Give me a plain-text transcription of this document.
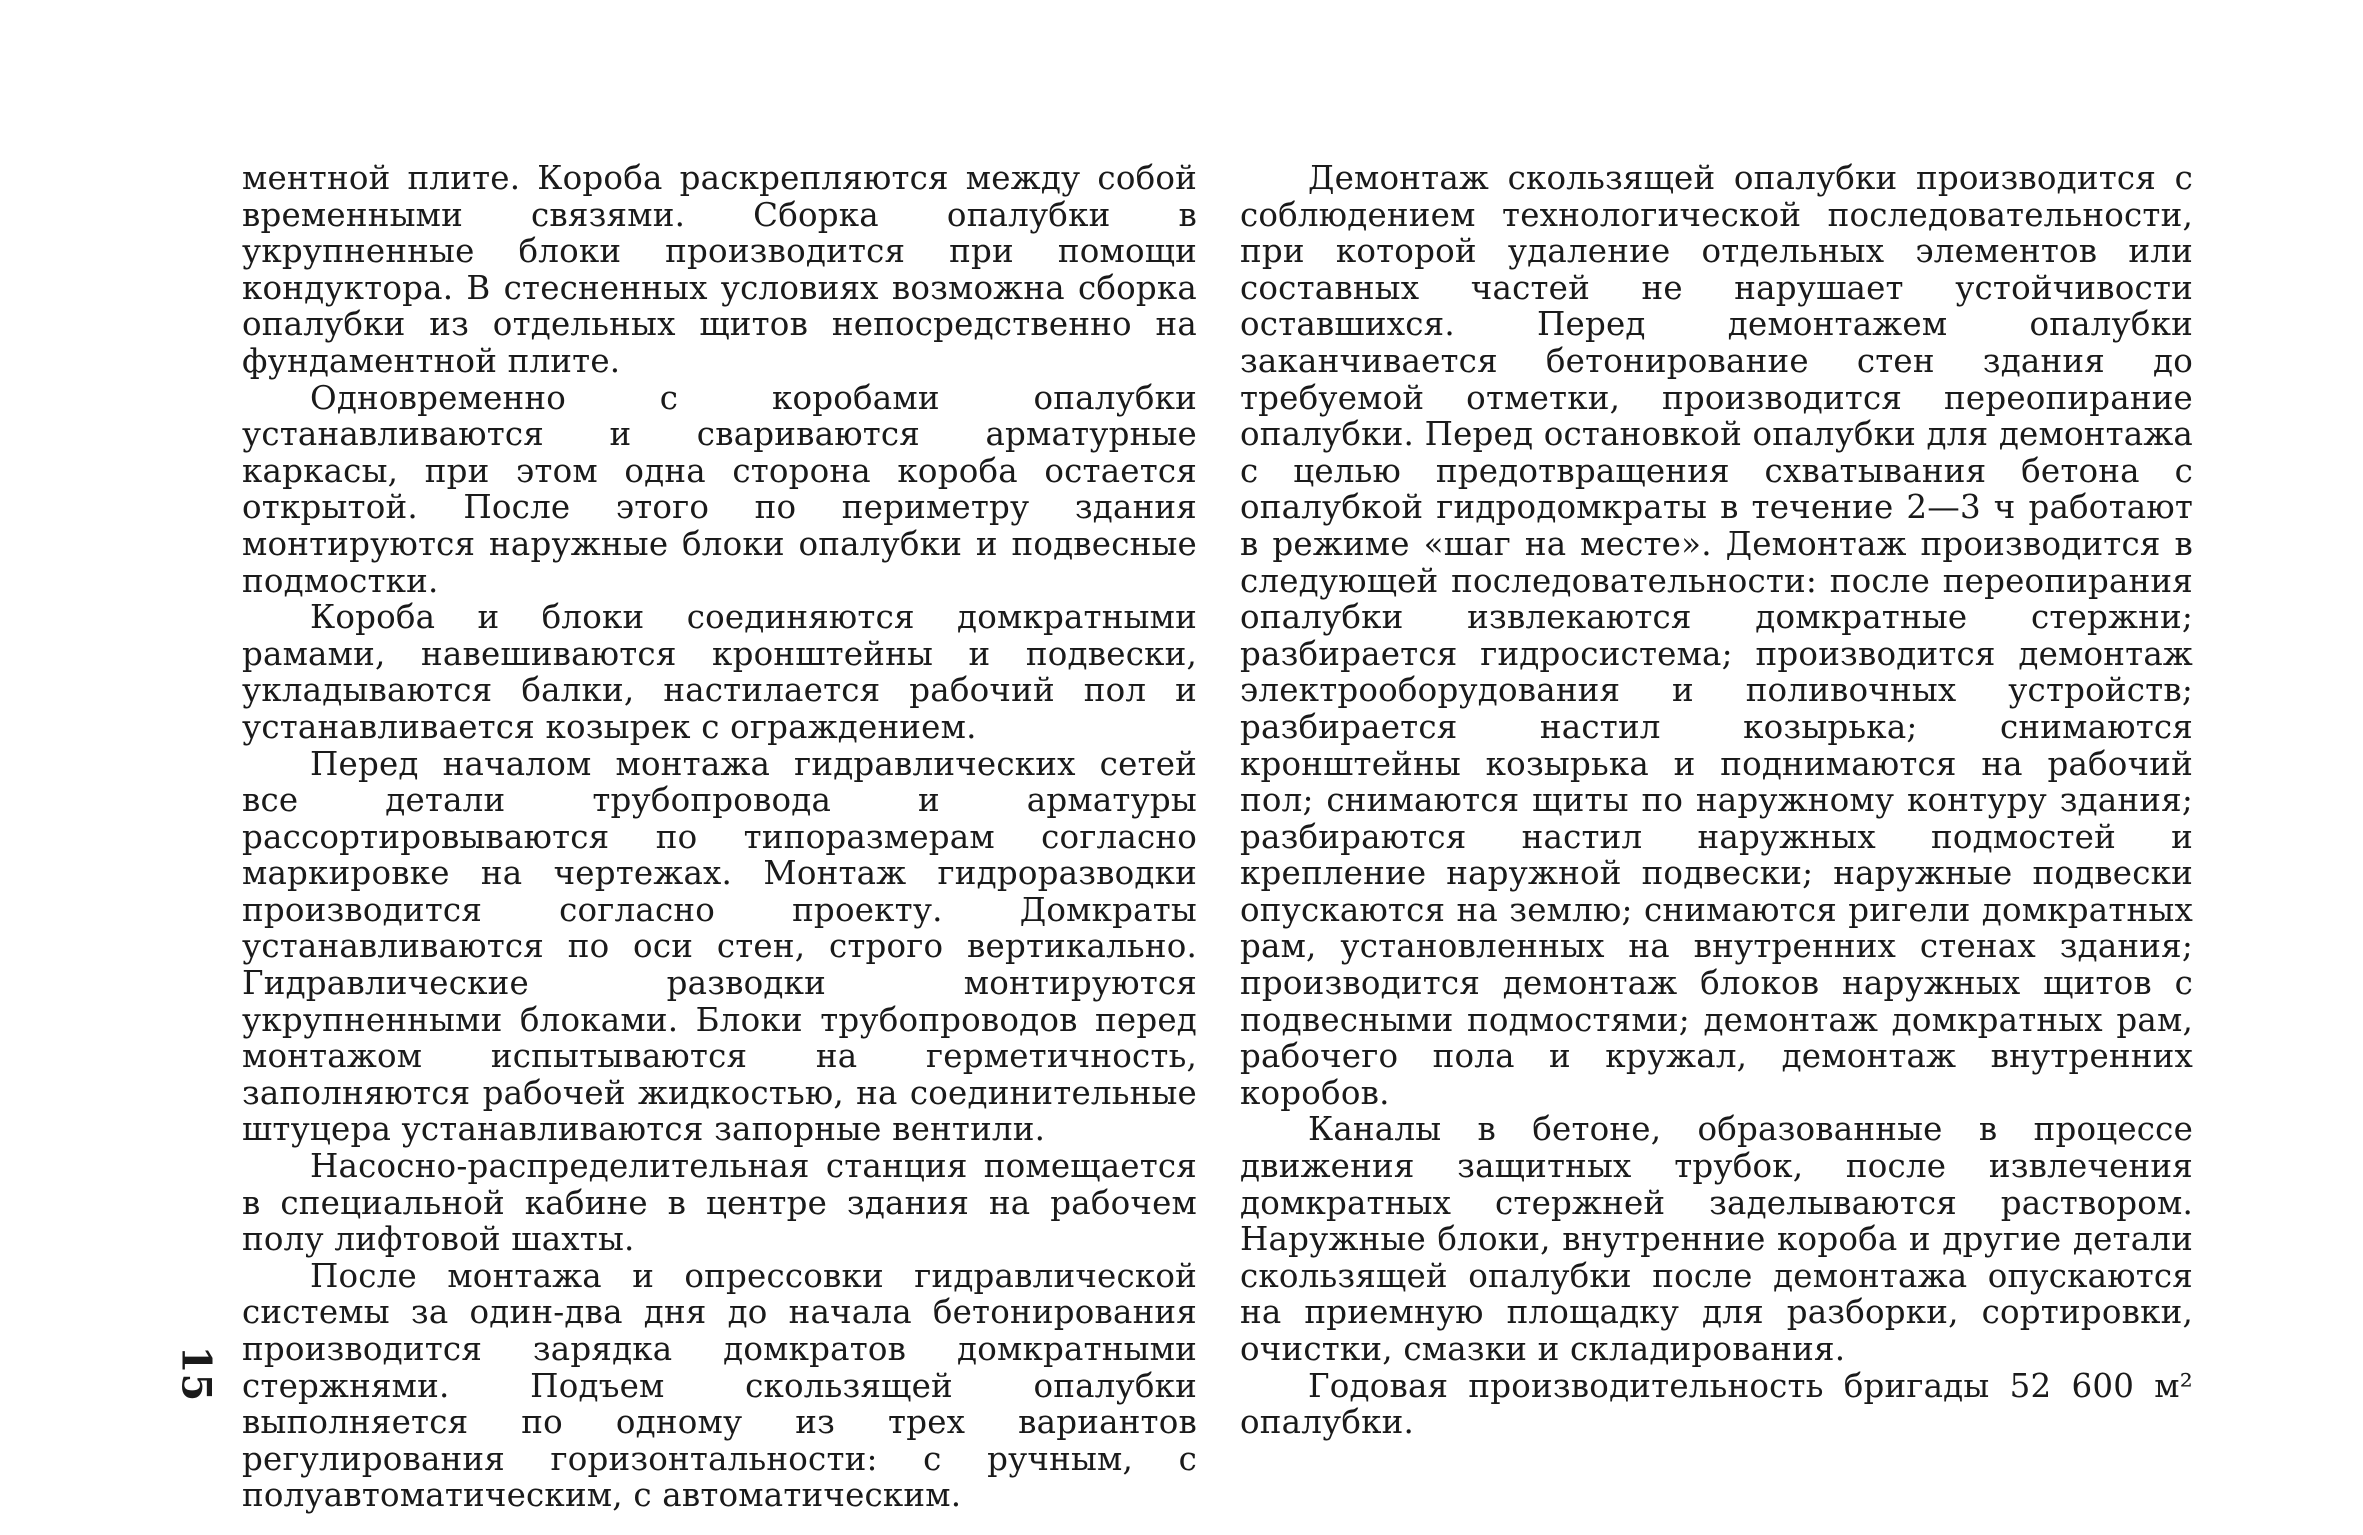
ментной плите. Короба раскрепляются между собой временными связями. Сборка опалубки в укрупненные блоки производится при помощи кондуктора. В стесненных условиях возможна сборка опалубки из отдельных щитов непосредственно на фундаментной плите.

Одновременно с коробами опалубки устанавливаются и свариваются арматурные каркасы, при этом одна сторона короба остается открытой. После этого по периметру здания монтируются наружные блоки опалубки и подвесные подмостки.

Короба и блоки соединяются домкратными рамами, навешиваются кронштейны и подвески, укладываются балки, настилается рабочий пол и устанавливается козырек с ограждением.

Перед началом монтажа гидравлических сетей все детали трубопровода и арматуры рассортировываются по типоразмерам согласно маркировке на чертежах. Монтаж гидроразводки производится согласно проекту. Домкраты устанавливаются по оси стен, строго вертикально. Гидравлические разводки монтируются укрупненными блоками. Блоки трубопроводов перед монтажом испытываются на герметичность, заполняются рабочей жидкостью, на соединительные штуцера устанавливаются запорные вентили.

Насосно-распределительная станция помещается в специальной кабине в центре здания на рабочем полу лифтовой шахты.

После монтажа и опрессовки гидравлической системы за один-два дня до начала бетонирования производится зарядка домкратов домкратными стержнями. Подъем скользящей опалубки выполняется по одному из трех вариантов регулирования горизонтальности: с ручным, с полуавтоматическим, с автоматическим.

Демонтаж скользящей опалубки производится с соблюдением технологической последовательности, при которой удаление отдельных элементов или составных частей не нарушает устойчивости оставшихся. Перед демонтажем опалубки заканчивается бетонирование стен здания до требуемой отметки, производится переопирание опалубки. Перед остановкой опалубки для демонтажа с целью предотвращения схватывания бетона с опалубкой гидродомкраты в течение 2—3 ч работают в режиме «шаг на месте». Демонтаж производится в следующей последовательности: после переопирания опалубки извлекаются домкратные стержни; разбирается гидросистема; производится демонтаж электрооборудования и поливочных устройств; разбирается настил козырька; снимаются кронштейны козырька и поднимаются на рабочий пол; снимаются щиты по наружному контуру здания; разбираются настил наружных подмостей и крепление наружной подвески; наружные подвески опускаются на землю; снимаются ригели домкратных рам, установленных на внутренних стенах здания; производится демонтаж блоков наружных щитов с подвесными подмостями; демонтаж домкратных рам, рабочего пола и кружал, демонтаж внутренних коробов.

Каналы в бетоне, образованные в процессе движения защитных трубок, после извлечения домкратных стержней заделываются раствором. Наружные блоки, внутренние короба и другие детали скользящей опалубки после демонтажа опускаются на приемную площадку для разборки, сортировки, очистки, смазки и складирования.

Годовая производительность бригады 52 600 м² опалубки.

15
